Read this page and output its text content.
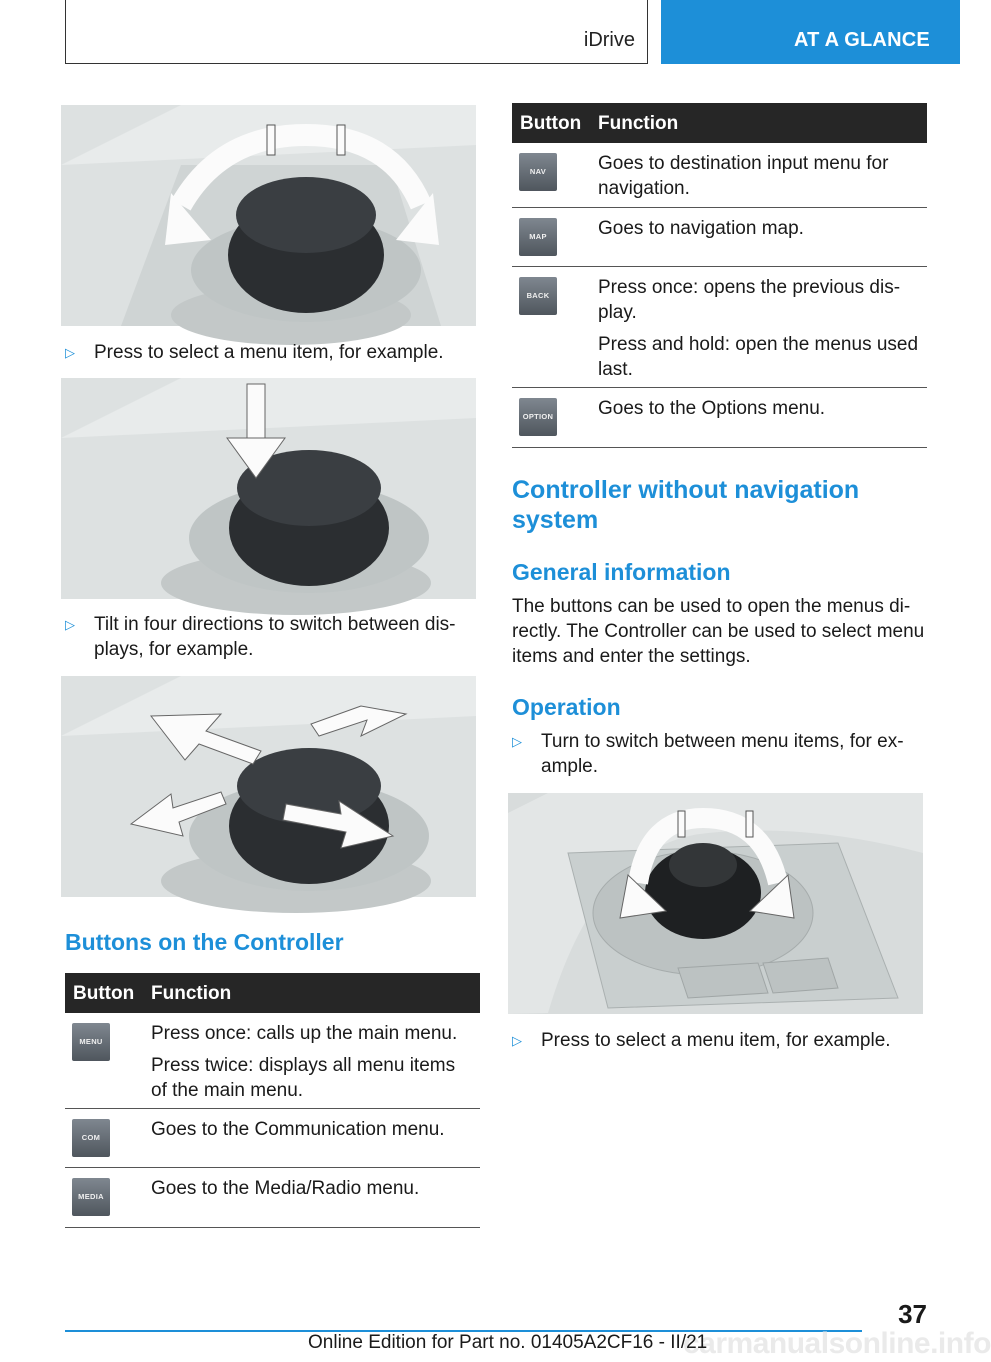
iDrive	AT A GLANCE
▷	Press to select a menu item, for example.
▷	Tilt in four directions to switch between dis‐plays, for example.
Buttons on the Controller
Button Function
MENU	Press once: calls up the main menu.

Press twice: displays all menu items of the main menu.

COM	Goes to the Communication menu.

MEDIA	Goes to the Media/Radio menu.

Button Function
NAV	Goes to destination input menu for navigation.

MAP	Goes to navigation map.

BACK	Press once: opens the previous dis‐play.

Press and hold: open the menus used last.

OPTION Goes to the Options menu.

Controller without navigation system
General information
The buttons can be used to open the menus di‐rectly. The Controller can be used to select menu items and enter the settings.
Operation
▷	Turn to switch between menu items, for ex‐ample.
▷	Press to select a menu item, for example.
37
carmanualsonline.info
Online Edition for Part no. 01405A2CF16 - II/21
